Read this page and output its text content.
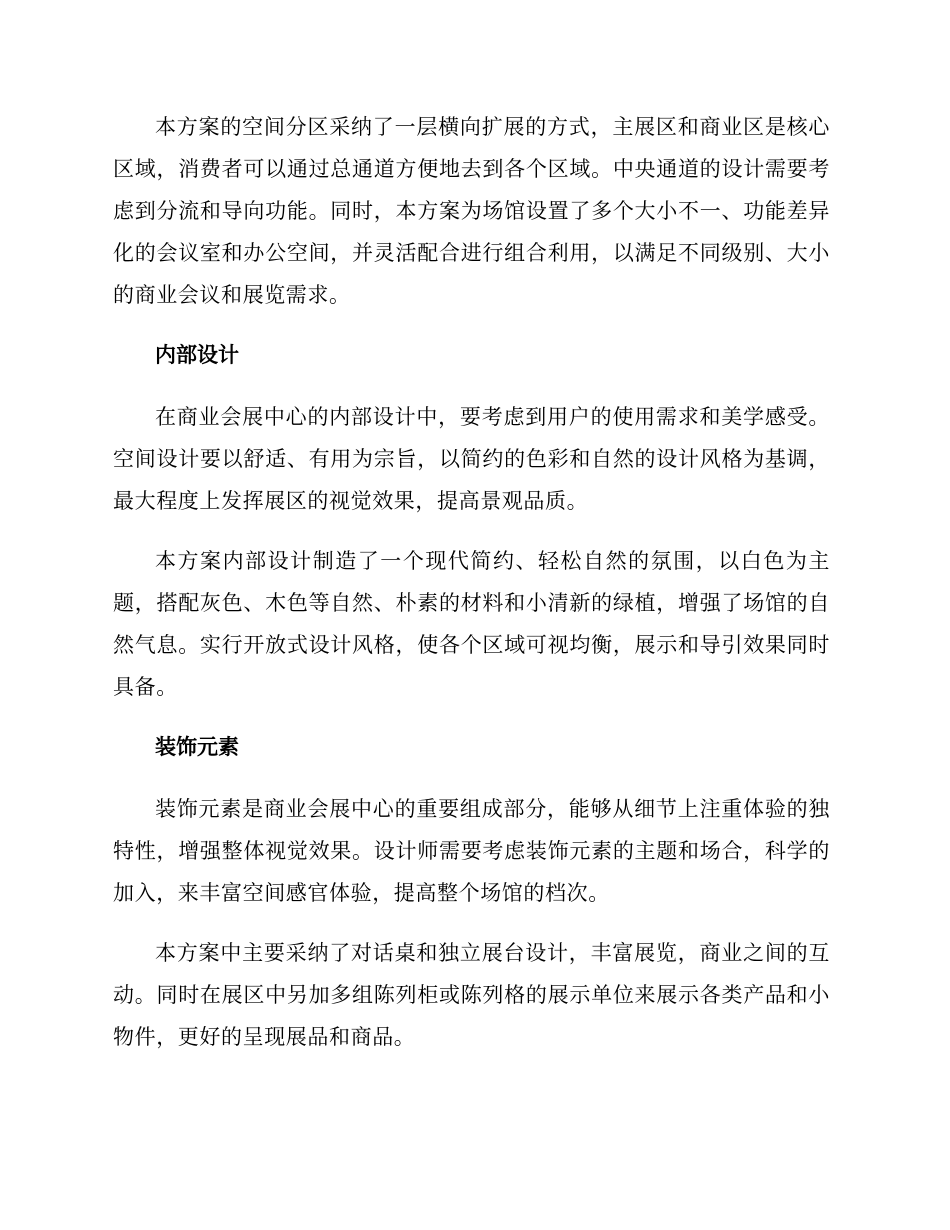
本方案的空间分区采纳了一层横向扩展的方式，主展区和商业区是核心区域，消费者可以通过总通道方便地去到各个区域。中央通道的设计需要考虑到分流和导向功能。同时，本方案为场馆设置了多个大小不一、功能差异化的会议室和办公空间，并灵活配合进行组合利用，以满足不同级别、大小的商业会议和展览需求。

内部设计

在商业会展中心的内部设计中，要考虑到用户的使用需求和美学感受。空间设计要以舒适、有用为宗旨，以简约的色彩和自然的设计风格为基调，最大程度上发挥展区的视觉效果，提高景观品质。

本方案内部设计制造了一个现代简约、轻松自然的氛围，以白色为主题，搭配灰色、木色等自然、朴素的材料和小清新的绿植，增强了场馆的自然气息。实行开放式设计风格，使各个区域可视均衡，展示和导引效果同时具备。

装饰元素

装饰元素是商业会展中心的重要组成部分，能够从细节上注重体验的独特性，增强整体视觉效果。设计师需要考虑装饰元素的主题和场合，科学的加入，来丰富空间感官体验，提高整个场馆的档次。

本方案中主要采纳了对话桌和独立展台设计，丰富展览，商业之间的互动。同时在展区中另加多组陈列柜或陈列格的展示单位来展示各类产品和小物件，更好的呈现展品和商品。
